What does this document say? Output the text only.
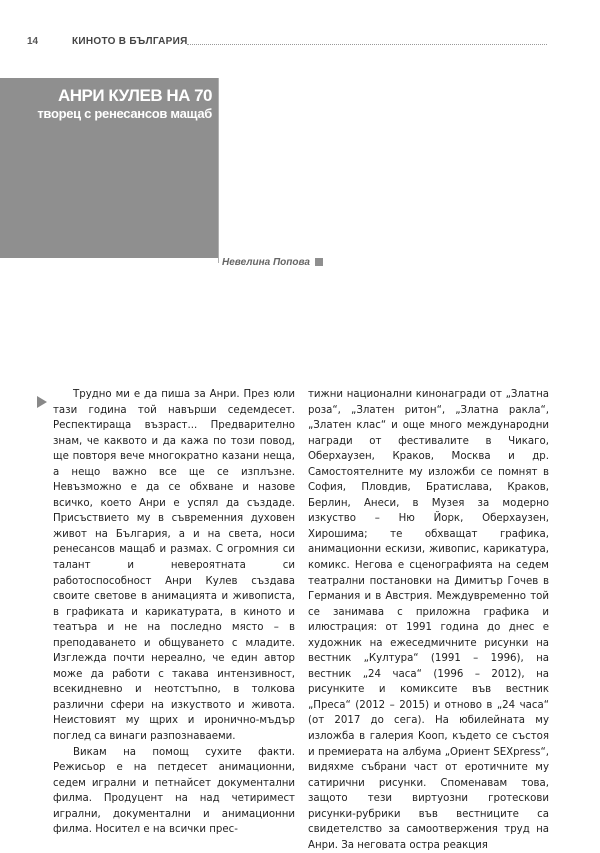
14	КИНОТО В БЪЛГАРИЯ
АНРИ КУЛЕВ НА 70
творец с ренесансов мащаб
Невелина Попова

Трудно ми е да пиша за Анри. През юли тази година той навърши седемдесет. Респектираща възраст... Предварително знам, че каквото и да кажа по този повод, ще повторя вече многократно казани неща, а нещо важно все ще се изплъзне. Невъзможно е да се обхване и назове всичко, което Анри е успял да създаде. Присъствието му в съвременния духовен живот на България, а и на света, носи ренесансов мащаб и размах. С огромния си талант и невероятната си работоспособност Анри Кулев създава своите светове в анимацията и живописта, в графиката и карикатурата, в киното и театъра и не на последно място – в преподаването и общуването с младите. Изглежда почти нереално, че един автор може да работи с такава интензивност, всекидневно и неотстъпно, в толкова различни сфери на изкуството и живота. Неистовият му щрих и иронично-мъдър поглед са винаги разпознаваеми.

Викам на помощ сухите факти. Режисьор е на петдесет анимационни, седем игрални и петнайсет документални филма. Продуцент на над четиримест игрални, документални и анимационни филма. Носител е на всички прес-

тижни национални кинонагради от „Златна роза“, „Златен ритон“, „Златна ракла“, „Златен клас“ и още много международни награди от фестивалите в Чикаго, Оберхаузен, Краков, Москва и др. Самостоятелните му изложби се помнят в София, Пловдив, Братислава, Краков, Берлин, Анеси, в Музея за модерно изкуство – Ню Йорк, Оберхаузен, Хирошима; те обхващат графика, анимационни ескизи, живопис, карикатура, комикс. Негова е сценографията на седем театрални постановки на Димитър Гочев в Германия и в Австрия. Междувременно той се занимава с приложна графика и илюстрация: от 1991 година до днес е художник на ежеседмичните рисунки на вестник „Култура“ (1991 – 1996), на вестник „24 часа“ (1996 – 2012), на рисунките и комиксите във вестник „Преса“ (2012 – 2015) и отново в „24 часа“ (от 2017 до сега). На юбилейната му изложба в галерия Кооп, където се състоя и премиерата на албума „Ориент SEXpress“, видяхме събрани част от еротичните му сатирични рисунки. Споменавам това, защото тези виртуозни гротескови рисунки-рубрики във вестниците са свидетелство за самоотвержения труд на Анри. За неговата остра реакция
